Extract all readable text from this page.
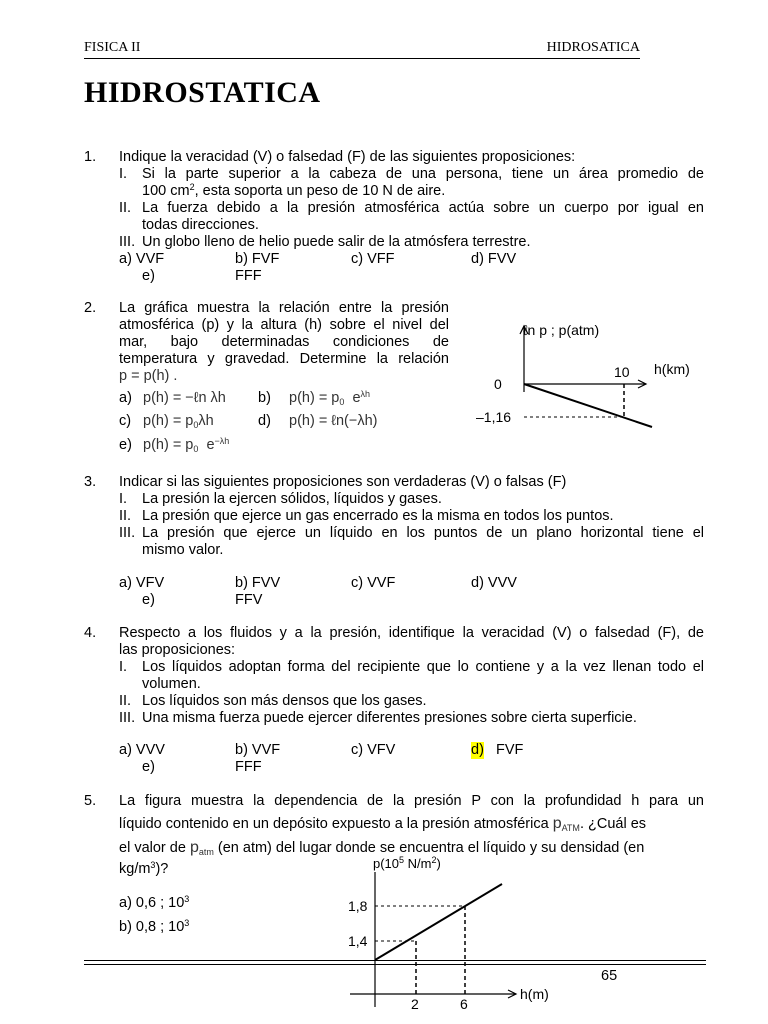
FISICA II	HIDROSATICA
HIDROSTATICA
1. Indique la veracidad (V) o falsedad (F) de las siguientes proposiciones:
I. Si la parte superior a la cabeza de una persona, tiene un área promedio de
100 $cm^2$, esta soporta un peso de 10 N de aire.
II. La fuerza debido a la presión atmosférica actúa sobre un cuerpo por igual en
todas direcciones.
III. Un globo lleno de helio puede salir de la atmósfera terrestre.
a) VVF	b) FVF	c) VFF	d) FVV
e)	FFF
2. La gráfica muestra la relación entre la presión
atmosférica (p) y la altura (h) sobre el nivel del
mar, bajo determinadas condiciones de
temperatura y gravedad. Determine la relación
p = p(h) .
a) p(h) = −ℓn λh b) $p(h) = p_0$ $e^{\lambda h}$
c) $p(h) = p_0\lambda h$	d) p(h) = ℓn(−λh)
e) $p(h) = p_0$ $e^{-\lambda h}$
ℓn p ; p(atm)
h(km)
10
0
–1,16
3. Indicar si las siguientes proposiciones son verdaderas (V) o falsas (F)
I. La presión la ejercen sólidos, líquidos y gases.
II. La presión que ejerce un gas encerrado es la misma en todos los puntos.
III. La presión que ejerce un líquido en los puntos de un plano horizontal tiene el
mismo valor.
a) VFV	b) FVV	c) VVF	d) VVV
e)	FFV
4. Respecto a los fluidos y a la presión, identifique la veracidad (V) o falsedad (F), de
las proposiciones:
I. Los líquidos adoptan forma del recipiente que lo contiene y a la vez llenan todo el
volumen.
II. Los líquidos son más densos que los gases.
III. Una misma fuerza puede ejercer diferentes presiones sobre cierta superficie.
a) VVV	b) VVF	c) VFV	d) FVF
e)	FFF
5. La figura muestra la dependencia de la presión P con la profundidad h para un
líquido contenido en un depósito expuesto a la presión atmosférica $p_{ATM}$. ¿Cuál es
el valor de $p_{atm}$ (en atm) del lugar donde se encuentra el líquido y su densidad (en
$kg/m^3$)?
a) 0,6 ; $10^3$
b) 0,8 ; $10^3$
$p(10^5$ $N/m^2$)
1,8
1,4
2	6
h(m)
65
